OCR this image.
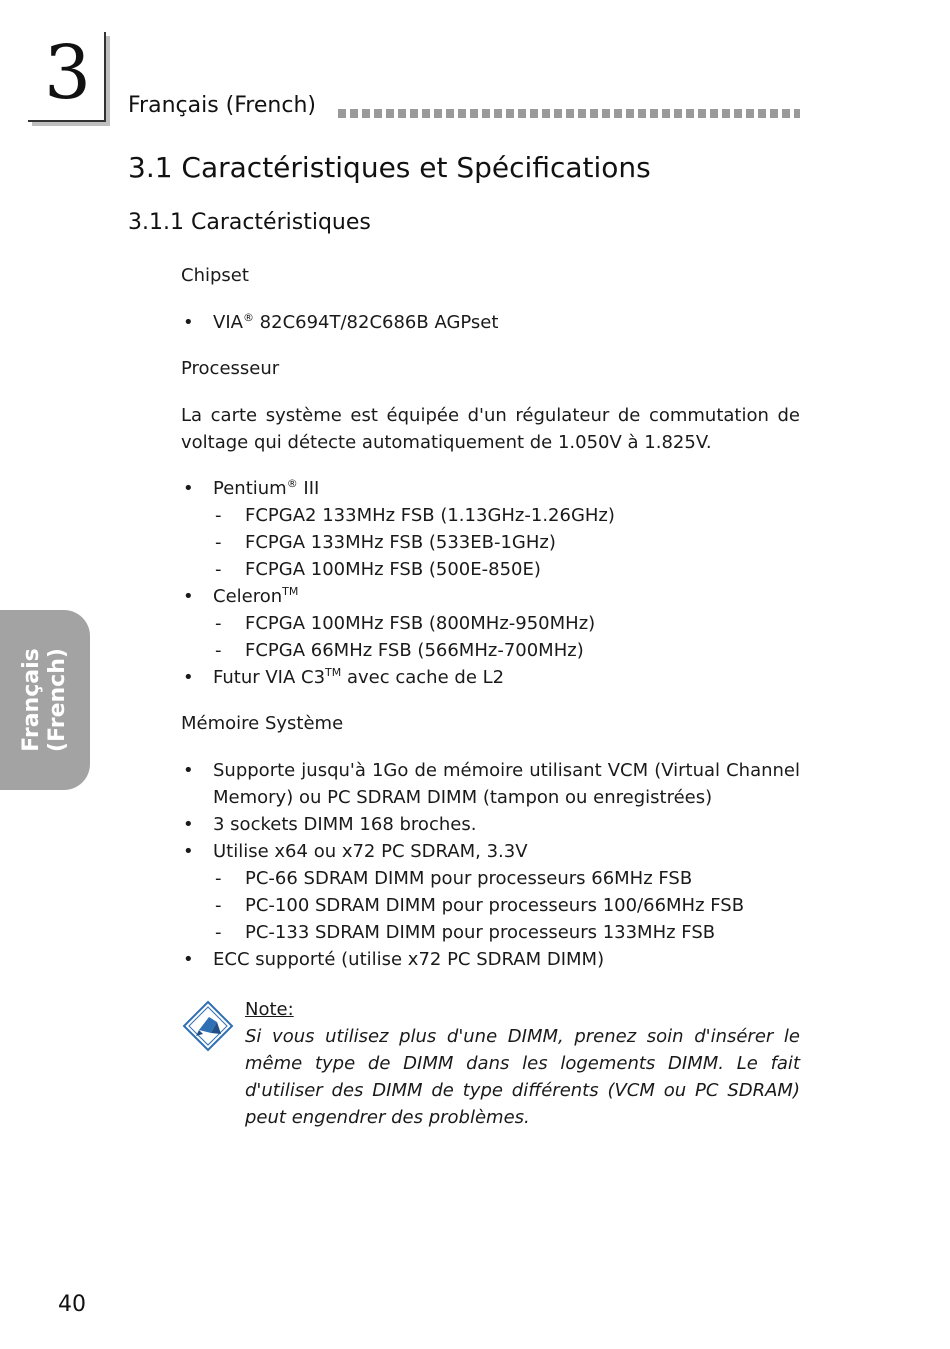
3 Français (French)
3.1 Caractéristiques et Spécifications
3.1.1 Caractéristiques

Chipset

• VIA® 82C694T/82C686B AGPset

Processeur

La carte système est équipée d'un régulateur de commutation de voltage qui détecte automatiquement de 1.050V à 1.825V.

• Pentium® III
- FCPGA2 133MHz FSB (1.13GHz-1.26GHz)
- FCPGA 133MHz FSB (533EB-1GHz)
- FCPGA 100MHz FSB (500E-850E)
• Celeron™
- FCPGA 100MHz FSB (800MHz-950MHz)
- FCPGA 66MHz FSB (566MHz-700MHz)
• Futur VIA C3™ avec cache de L2

Mémoire Système

• Supporte jusqu'à 1Go de mémoire utilisant VCM (Virtual Channel Memory) ou PC SDRAM DIMM (tampon ou enregistrées)
• 3 sockets DIMM 168 broches.
• Utilise x64 ou x72 PC SDRAM, 3.3V
- PC-66 SDRAM DIMM pour processeurs 66MHz FSB
- PC-100 SDRAM DIMM pour processeurs 100/66MHz FSB
- PC-133 SDRAM DIMM pour processeurs 133MHz FSB
• ECC supporté (utilise x72 PC SDRAM DIMM)
Note:

Si vous utilisez plus d'une DIMM, prenez soin d'insérer le même type de DIMM dans les logements DIMM. Le fait d'utiliser des DIMM de type différents (VCM ou PC SDRAM) peut engendrer des problèmes.

Français (French)
40
